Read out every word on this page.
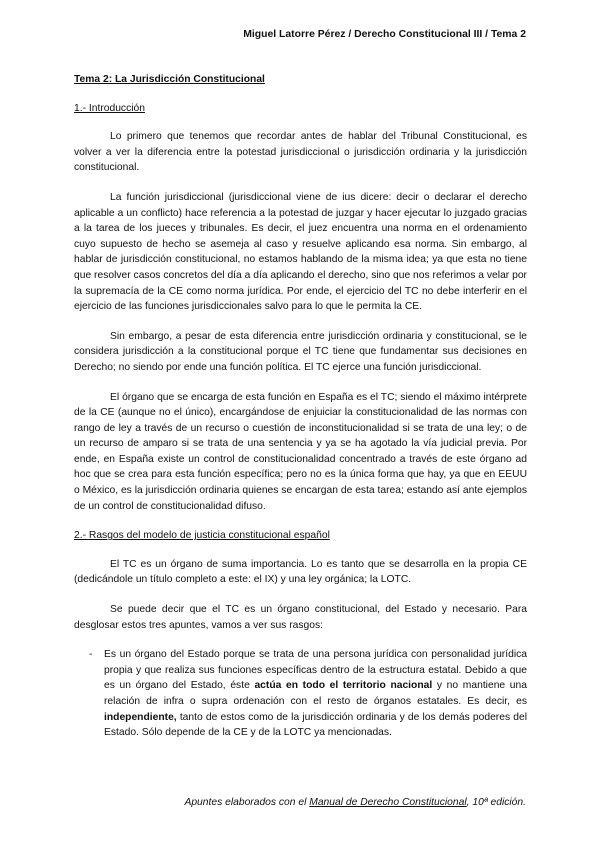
Miguel Latorre Pérez / Derecho Constitucional III / Tema 2
Tema 2: La Jurisdicción Constitucional
1.- Introducción

Lo primero que tenemos que recordar antes de hablar del Tribunal Constitucional, es volver a ver la diferencia entre la potestad jurisdiccional o jurisdicción ordinaria y la jurisdicción constitucional.

La función jurisdiccional (jurisdiccional viene de ius dicere: decir o declarar el derecho aplicable a un conflicto) hace referencia a la potestad de juzgar y hacer ejecutar lo juzgado gracias a la tarea de los jueces y tribunales. Es decir, el juez encuentra una norma en el ordenamiento cuyo supuesto de hecho se asemeja al caso y resuelve aplicando esa norma. Sin embargo, al hablar de jurisdicción constitucional, no estamos hablando de la misma idea; ya que esta no tiene que resolver casos concretos del día a día aplicando el derecho, sino que nos referimos a velar por la supremacía de la CE como norma jurídica. Por ende, el ejercicio del TC no debe interferir en el ejercicio de las funciones jurisdiccionales salvo para lo que le permita la CE.

Sin embargo, a pesar de esta diferencia entre jurisdicción ordinaria y constitucional, se le considera jurisdicción a la constitucional porque el TC tiene que fundamentar sus decisiones en Derecho; no siendo por ende una función política. El TC ejerce una función jurisdiccional.

El órgano que se encarga de esta función en España es el TC; siendo el máximo intérprete de la CE (aunque no el único), encargándose de enjuiciar la constitucionalidad de las normas con rango de ley a través de un recurso o cuestión de inconstitucionalidad si se trata de una ley; o de un recurso de amparo si se trata de una sentencia y ya se ha agotado la vía judicial previa. Por ende, en España existe un control de constitucionalidad concentrado a través de este órgano ad hoc que se crea para esta función específica; pero no es la única forma que hay, ya que en EEUU o México, es la jurisdicción ordinaria quienes se encargan de esta tarea; estando así ante ejemplos de un control de constitucionalidad difuso.

2.- Rasgos del modelo de justicia constitucional español

El TC es un órgano de suma importancia. Lo es tanto que se desarrolla en la propia CE (dedicándole un título completo a este: el IX) y una ley orgánica; la LOTC.

Se puede decir que el TC es un órgano constitucional, del Estado y necesario. Para desglosar estos tres apuntes, vamos a ver sus rasgos:

- Es un órgano del Estado porque se trata de una persona jurídica con personalidad jurídica propia y que realiza sus funciones específicas dentro de la estructura estatal. Debido a que es un órgano del Estado, éste actúa en todo el territorio nacional y no mantiene una relación de infra o supra ordenación con el resto de órganos estatales. Es decir, es independiente, tanto de estos como de la jurisdicción ordinaria y de los demás poderes del Estado. Sólo depende de la CE y de la LOTC ya mencionadas.
Apuntes elaborados con el Manual de Derecho Constitucional, 10ª edición.
